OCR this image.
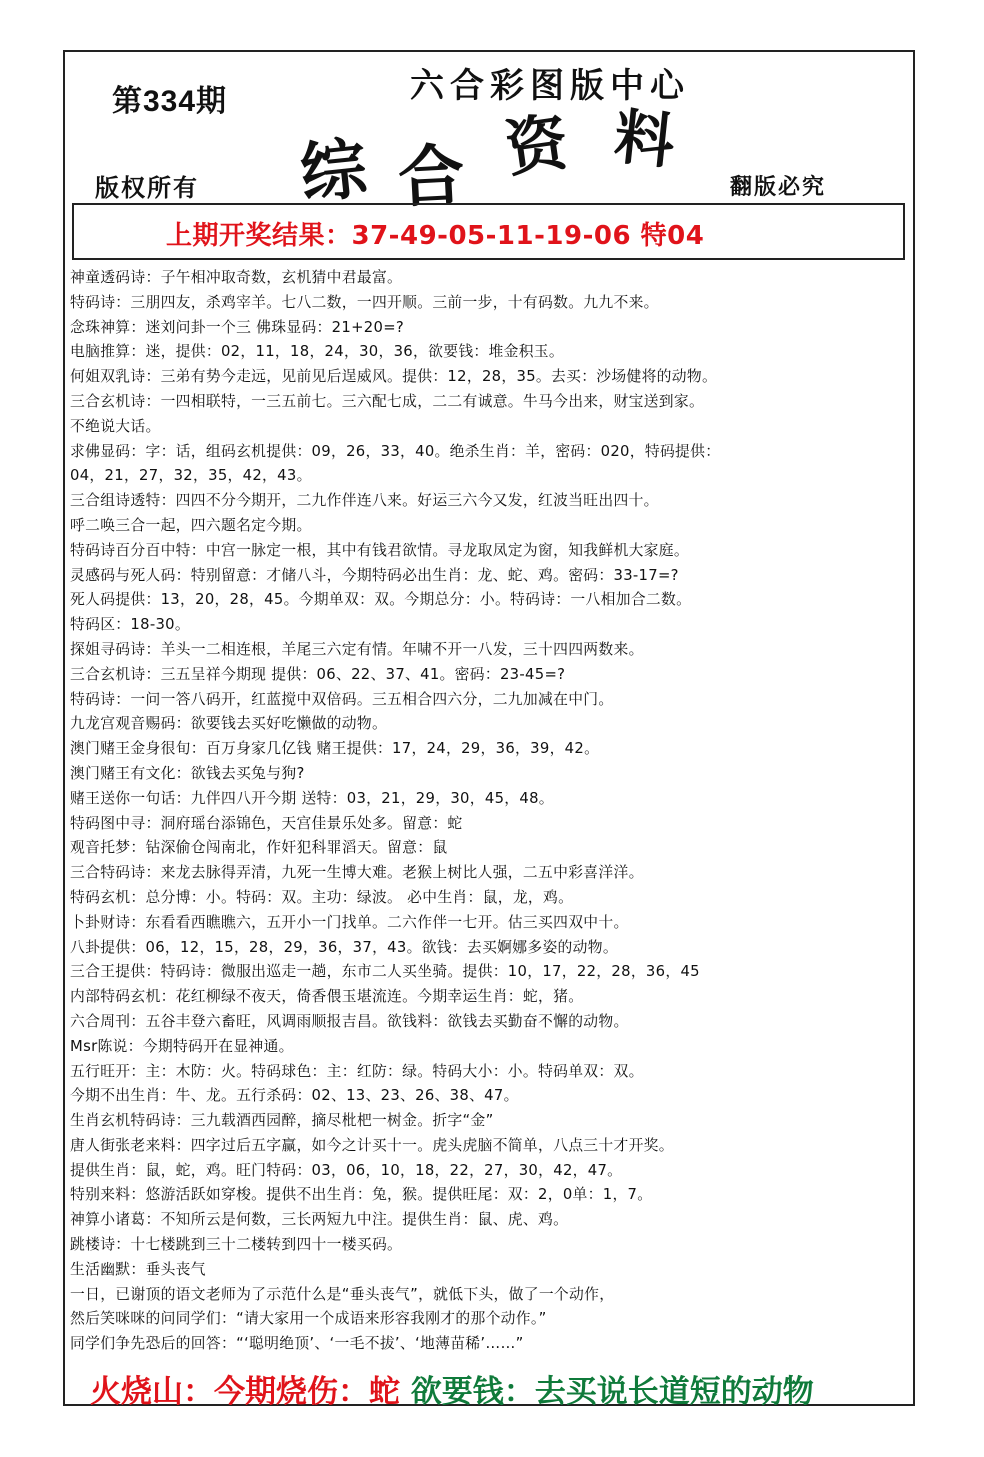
第334期	六合彩图版中心
版权所有	翻版必究
综 合 资 料
上期开奖结果：37-49-05-11-19-06 特04
神童透码诗：子午相冲取奇数，玄机猜中君最富。
特码诗：三朋四友，杀鸡宰羊。七八二数，一四开顺。三前一步，十有码数。九九不来。
念珠神算：迷刘问卦一个三 佛珠显码：21+20=?
电脑推算：迷，提供：02，11，18，24，30，36，欲要钱：堆金积玉。
何姐双乳诗：三弟有势今走远，见前见后逞威风。提供：12，28，35。去买：沙场健将的动物。
三合玄机诗：一四相联特，一三五前七。三六配七成，二二有诚意。牛马今出来，财宝送到家。
不绝说大话。
求佛显码：字：话，组码玄机提供：09，26，33，40。绝杀生肖：羊，密码：020，特码提供：
04，21，27，32，35，42，43。
三合组诗透特：四四不分今期开，二九作伴连八来。好运三六今又发，红波当旺出四十。
呼二唤三合一起，四六题名定今期。
特码诗百分百中特：中宫一脉定一根，其中有钱君欲情。寻龙取凤定为窗，知我鲜机大家庭。
灵感码与死人码：特别留意：才储八斗，今期特码必出生肖：龙、蛇、鸡。密码：33-17=?
死人码提供：13，20，28，45。今期单双：双。今期总分：小。特码诗：一八相加合二数。
特码区：18-30。
探姐寻码诗：羊头一二相连根，羊尾三六定有情。年啸不开一八发，三十四四两数来。
三合玄机诗：三五呈祥今期现 提供：06、22、37、41。密码：23-45=?
特码诗：一问一答八码开，红蓝搅中双倍码。三五相合四六分，二九加减在中门。
九龙宫观音赐码：欲要钱去买好吃懒做的动物。
澳门赌王金身很旬：百万身家几亿钱 赌王提供：17，24，29，36，39，42。
澳门赌王有文化：欲钱去买兔与狗?
赌王送你一句话：九伴四八开今期 送特：03，21，29，30，45，48。
特码图中寻：洞府瑶台添锦色，天宫佳景乐处多。留意：蛇
观音托梦：钻深偷仓闯南北，作奸犯科罪滔天。留意：鼠
三合特码诗：来龙去脉得弄清，九死一生博大难。老猴上树比人强，二五中彩喜洋洋。
特码玄机：总分博：小。特码：双。主功：绿波。 必中生肖：鼠，龙，鸡。
卜卦财诗：东看看西瞧瞧六，五开小一门找单。二六作伴一七开。估三买四双中十。
八卦提供：06，12，15，28，29，36，37，43。欲钱：去买婀娜多姿的动物。
三合王提供：特码诗：微服出巡走一趟，东市二人买坐骑。提供：10，17，22，28，36，45
内部特码玄机：花红柳绿不夜天，倚香偎玉堪流连。今期幸运生肖：蛇，猪。
六合周刊：五谷丰登六畜旺，风调雨顺报吉昌。欲钱料：欲钱去买勤奋不懈的动物。
Msr陈说：今期特码开在显神通。
五行旺开：主：木防：火。特码球色：主：红防：绿。特码大小：小。特码单双：双。
今期不出生肖：牛、龙。五行杀码：02、13、23、26、38、47。
生肖玄机特码诗：三九载酒西园醉，摘尽枇杷一树金。折字“金”
唐人街张老来料：四字过后五字赢，如今之计买十一。虎头虎脑不简单，八点三十才开奖。
提供生肖：鼠，蛇，鸡。旺门特码：03，06，10，18，22，27，30，42，47。
特别来料：悠游活跃如穿梭。提供不出生肖：兔，猴。提供旺尾：双：2，0单：1，7。
神算小诸葛：不知所云是何数，三长两短九中注。提供生肖：鼠、虎、鸡。
跳楼诗：十七楼跳到三十二楼转到四十一楼买码。
生活幽默：垂头丧气
一日，已谢顶的语文老师为了示范什么是“垂头丧气”，就低下头，做了一个动作，
然后笑咪咪的问同学们：“请大家用一个成语来形容我刚才的那个动作。”
同学们争先恐后的回答：“‘聪明绝顶’、‘一毛不拔’、‘地薄苗稀’……”
火烧山：今期烧伤：蛇 欲要钱：去买说长道短的动物
